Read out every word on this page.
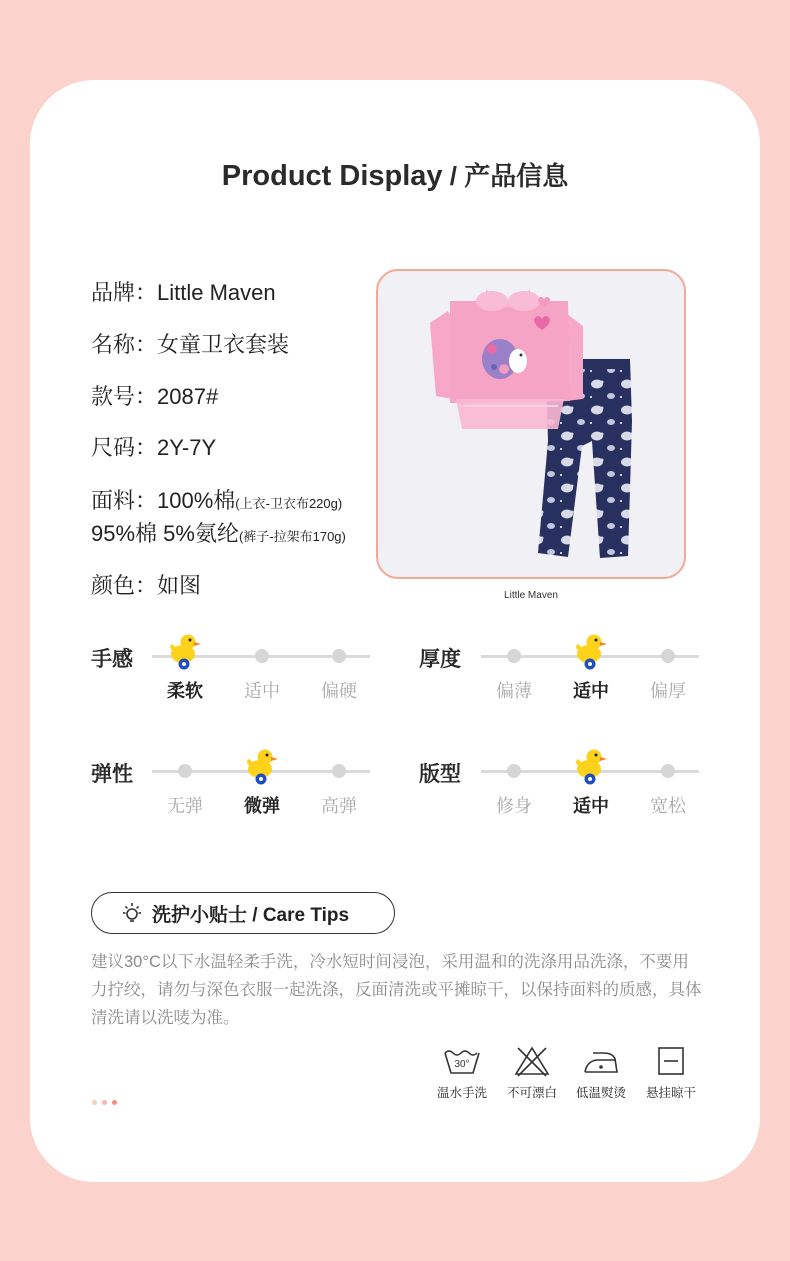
Product Display / 产品信息
品牌：Little Maven
名称：女童卫衣套装
款号：2087#
尺码：2Y-7Y
面料：100%棉(上衣-卫衣布220g)
95%棉 5%氨纶(裤子-拉架布170g)
颜色：如图	Little Maven
手感
柔软	适中	偏硬
厚度
偏薄	适中	偏厚
弹性
无弹	微弹	高弹
版型
修身	适中	宽松
洗护小贴士 / Care Tips
建议30°C以下水温轻柔手洗，冷水短时间浸泡，采用温和的洗涤用品洗涤，不要用力拧绞，请勿与深色衣服一起洗涤，反面清洗或平摊晾干，以保持面料的质感，具体清洗请以洗唛为准。
30°
温水手洗	不可漂白	低温熨烫	悬挂晾干
